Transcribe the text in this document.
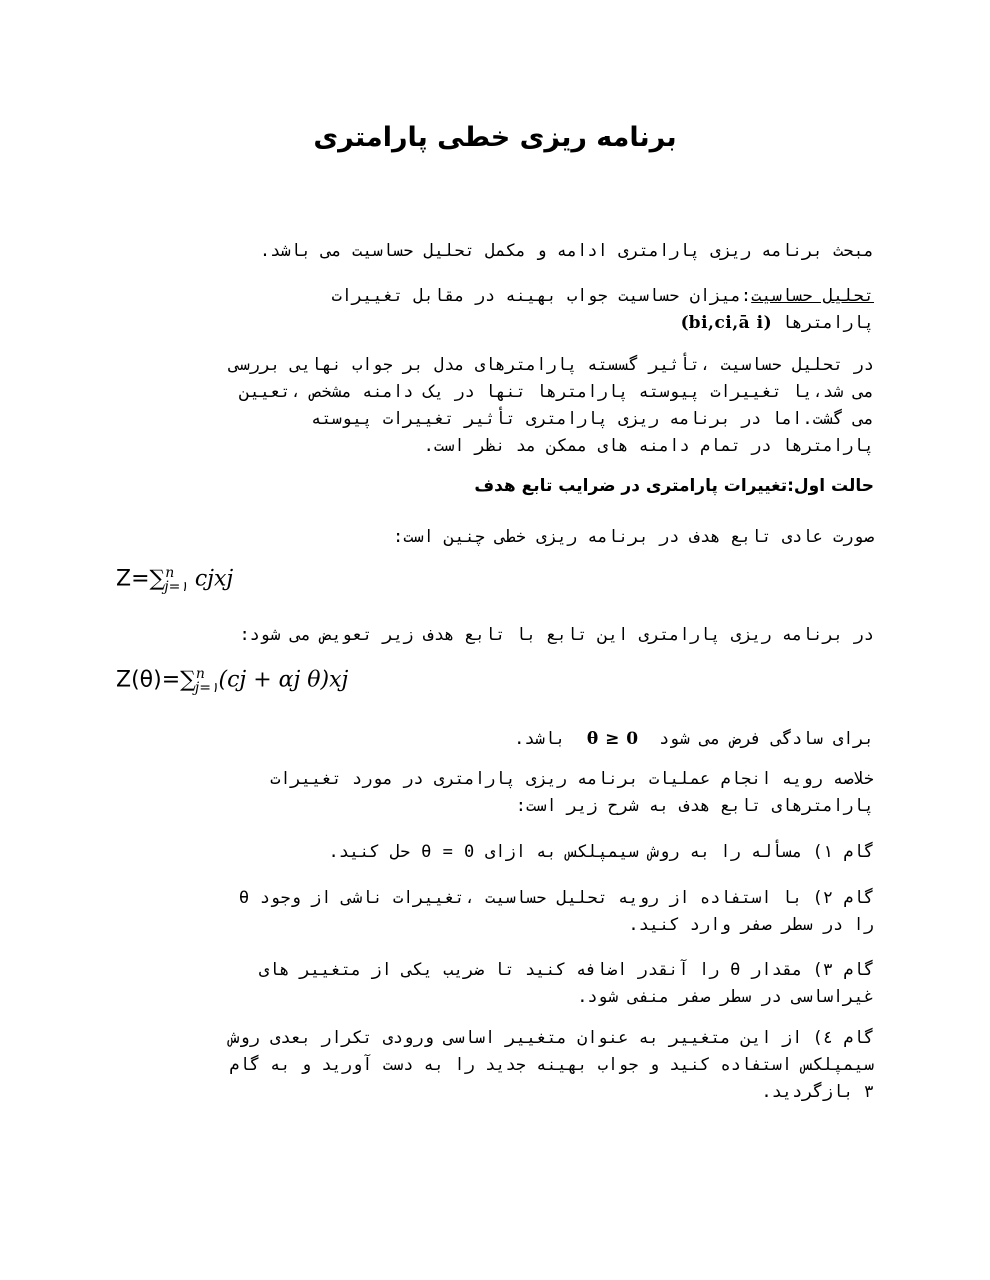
برنامه ریزی خطی پارامتری
مبحث برنامه ریزی پارامتری ادامه و مکمل تحلیل حساسیت می باشد.
تحلیل حساسیت:میزان حساسیت جواب بهینه در مقابل تغییرات
پارامترها (bi,ci,ā i)
در تحلیل حساسیت ،تأثیر گسسته پارامترهای مدل بر جواب نهایی بررسی
می شد،یا تغییرات پیوسته پارامترها تنها در یک دامنه مشخص ،تعیین
می گشت.اما در برنامه ریزی پارامتری تأثیر تغییرات پیوسته
پارامترها در تمام دامنه های ممکن مد نظر است.
حالت اول:تغییرات پارامتری در ضرایب تابع هدف
صورت عادی تابع هدف در برنامه ریزی خطی چنین است:
Z=∑$^n_{j=۱}$ cjxj
در برنامه ریزی پارامتری این تابع با تابع هدف زیر تعویض می شود:
Z(θ)=∑$^n_{j=۱}$(cj + αj θ)xj
برای سادگی فرض می شود  θ ≥ 0  باشد.
خلاصه رویه انجام عملیات برنامه ریزی پارامتری در مورد تغییرات
پارامترهای تابع هدف به شرح زیر است:
گام ۱) مسأله را به روش سیمپلکس به ازای θ = 0 حل کنید.
گام ۲) با استفاده از رویه تحلیل حساسیت ،تغییرات ناشی از وجود θ
را در سطر صفر وارد کنید.
گام ۳) مقدار θ را آنقدر اضافه کنید تا ضریب یکی از متغییر های
غیراساسی در سطر صفر منفی شود.
گام ٤) از این متغییر به عنوان متغییر اساسی ورودی تکرار بعدی روش
سیمپلکس استفاده کنید و جواب بهینه جدید را به دست آورید و به گام
۳ بازگردید.
